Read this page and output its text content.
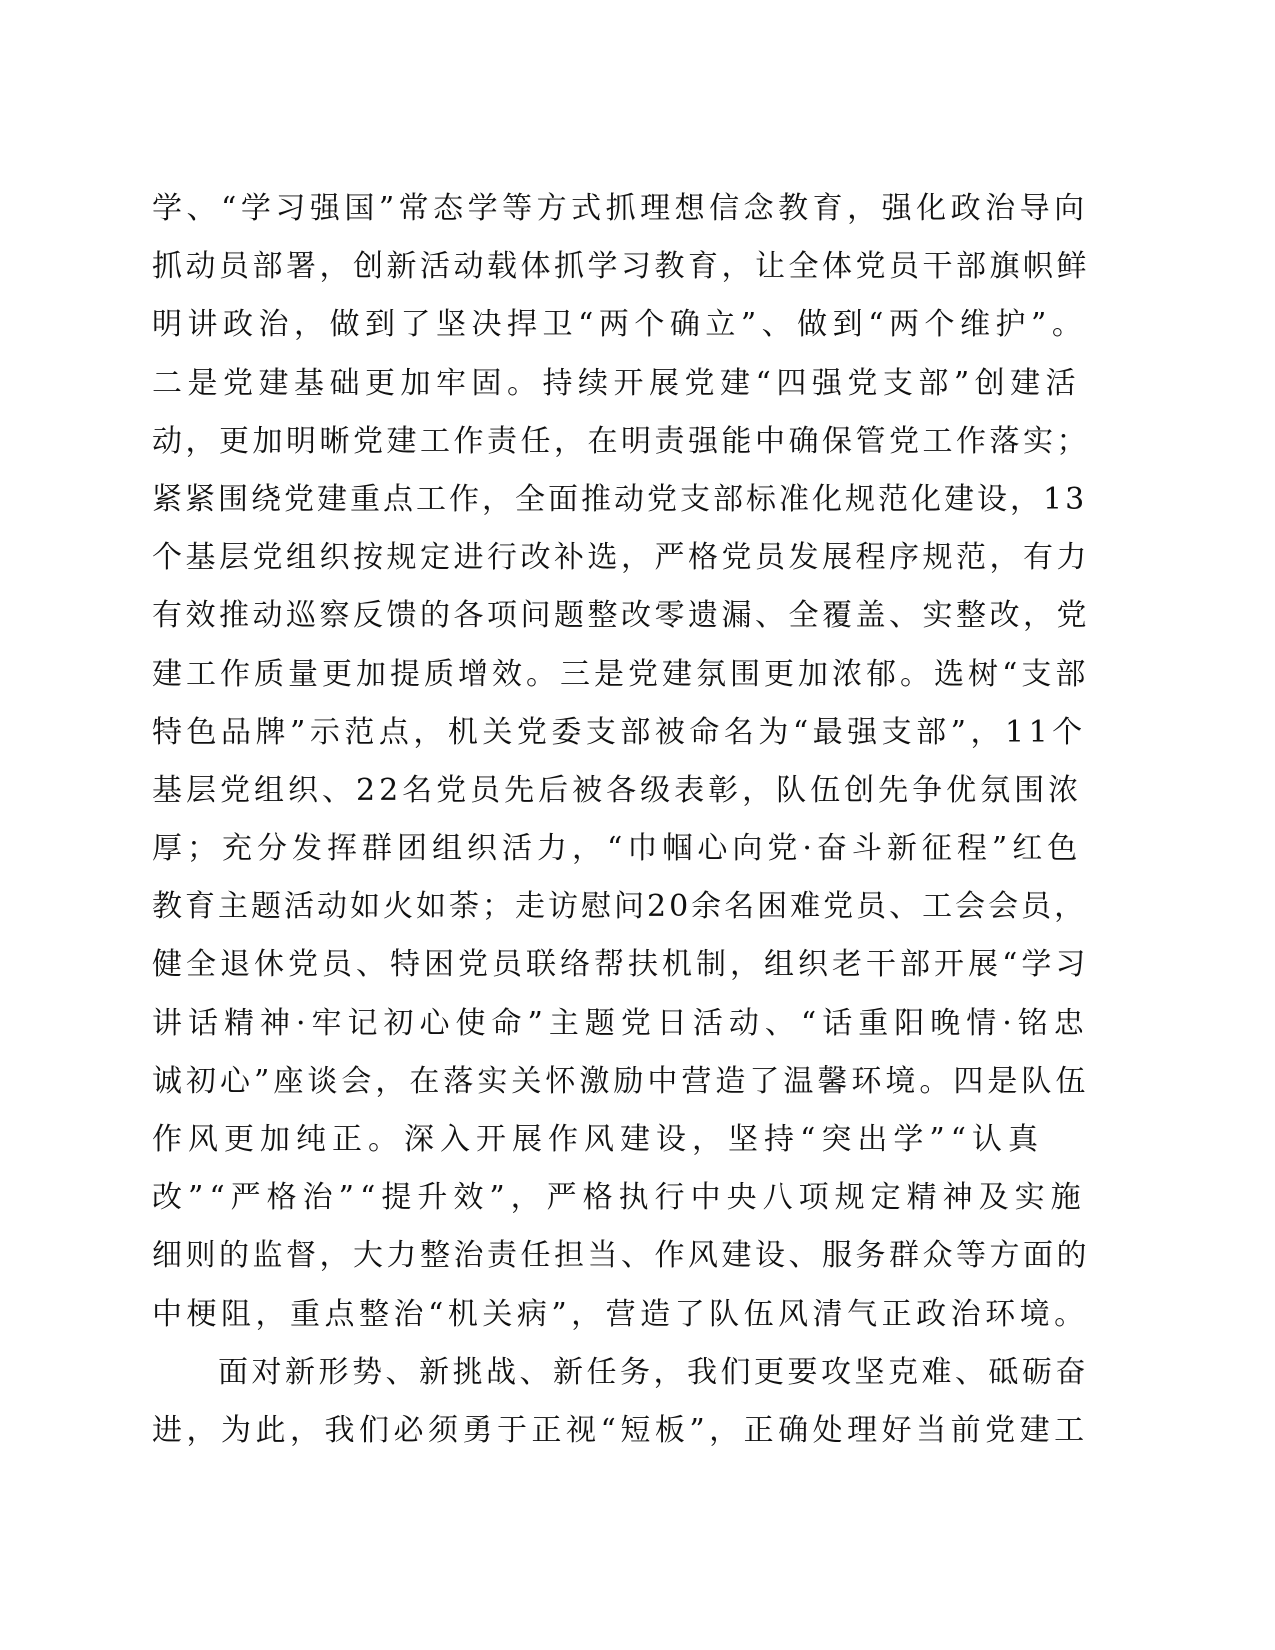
学、“学习强国”常态学等方式抓理想信念教育，强化政治导向
抓动员部署，创新活动载体抓学习教育，让全体党员干部旗帜鲜
明讲政治，做到了坚决捍卫“两个确立”、做到“两个维护”。
二是党建基础更加牢固。持续开展党建“四强党支部”创建活
动，更加明晰党建工作责任，在明责强能中确保管党工作落实；
紧紧围绕党建重点工作，全面推动党支部标准化规范化建设，13
个基层党组织按规定进行改补选，严格党员发展程序规范，有力
有效推动巡察反馈的各项问题整改零遗漏、全覆盖、实整改，党
建工作质量更加提质增效。三是党建氛围更加浓郁。选树“支部
特色品牌”示范点，机关党委支部被命名为“最强支部”，11个
基层党组织、22名党员先后被各级表彰，队伍创先争优氛围浓
厚；充分发挥群团组织活力，“巾帼心向党·奋斗新征程”红色
教育主题活动如火如荼；走访慰问20余名困难党员、工会会员，
健全退休党员、特困党员联络帮扶机制，组织老干部开展“学习
讲话精神·牢记初心使命”主题党日活动、“话重阳晚情·铭忠
诚初心”座谈会，在落实关怀激励中营造了温馨环境。四是队伍
作风更加纯正。深入开展作风建设，坚持“突出学”“认真
改”“严格治”“提升效”，严格执行中央八项规定精神及实施
细则的监督，大力整治责任担当、作风建设、服务群众等方面的
中梗阻，重点整治“机关病”，营造了队伍风清气正政治环境。
面对新形势、新挑战、新任务，我们更要攻坚克难、砥砺奋
进，为此，我们必须勇于正视“短板”，正确处理好当前党建工
